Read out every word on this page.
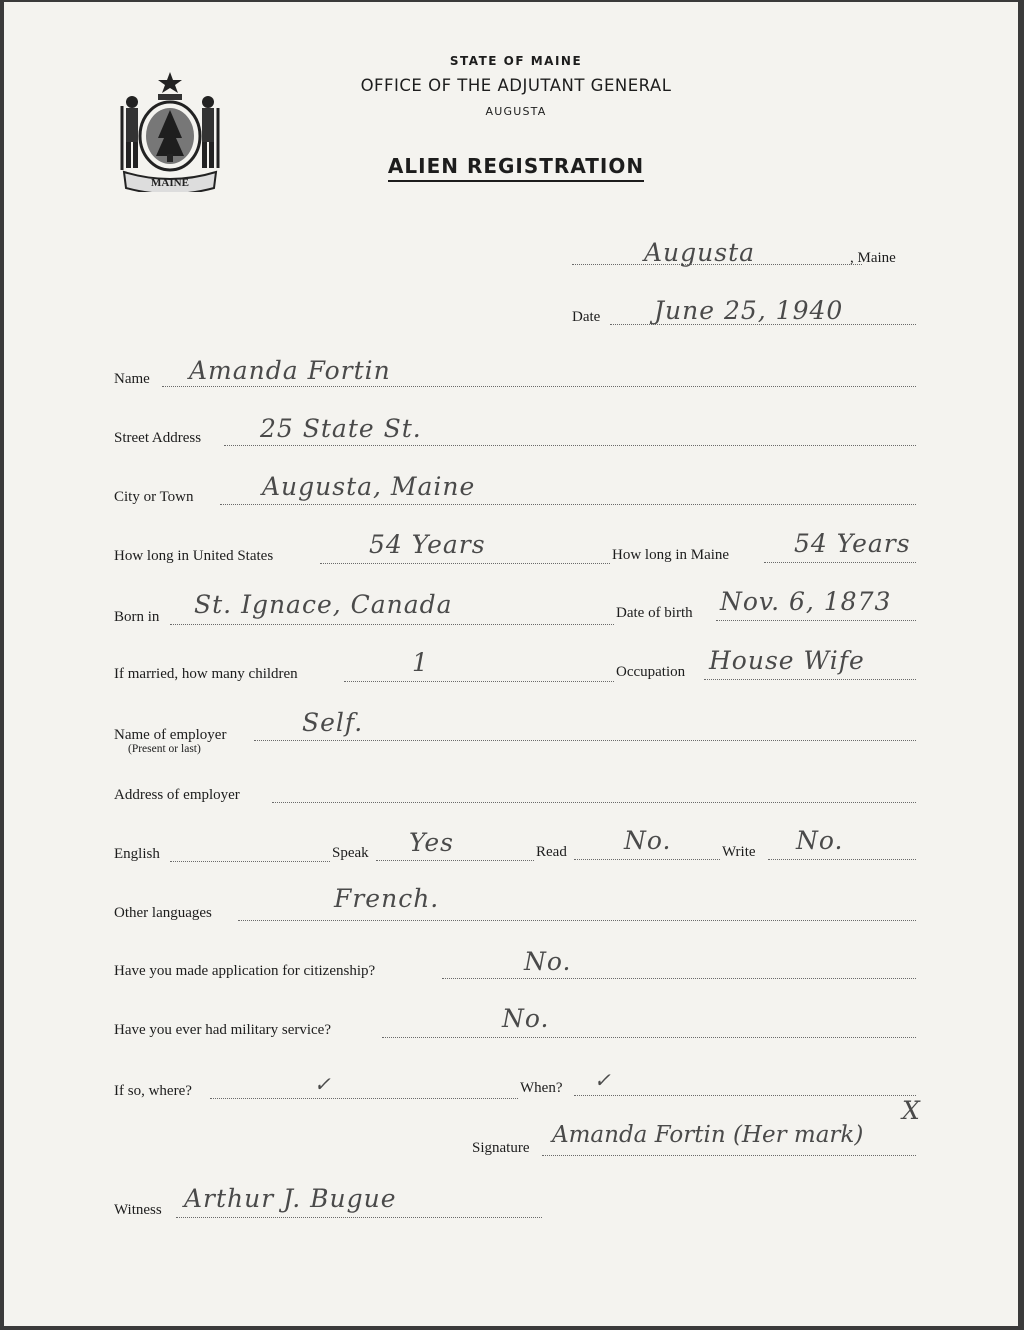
STATE OF MAINE
OFFICE OF THE ADJUTANT GENERAL
AUGUSTA
ALIEN REGISTRATION
MAINE
Augusta	, Maine
Date June 25, 1940
Name Amanda Fortin
Street Address 25 State St.
City or Town	Augusta, Maine
How long in United States	54 Years	How long in Maine	54 Years
Born in St. Ignace, Canada	Date of birth Nov. 6, 1873
If married, how many children	1	Occupation House Wife
Name of employer
(Present or last)
Self.
Address of employer
English	Speak Yes	Read No.	Write No.
Other languages	French.
Have you made application for citizenship?	No.
Have you ever had military service?	No.
If so, where?	✓	When? ✓
Signature Amanda Fortin (Her mark)
X
Witness Arthur J. Bugue
